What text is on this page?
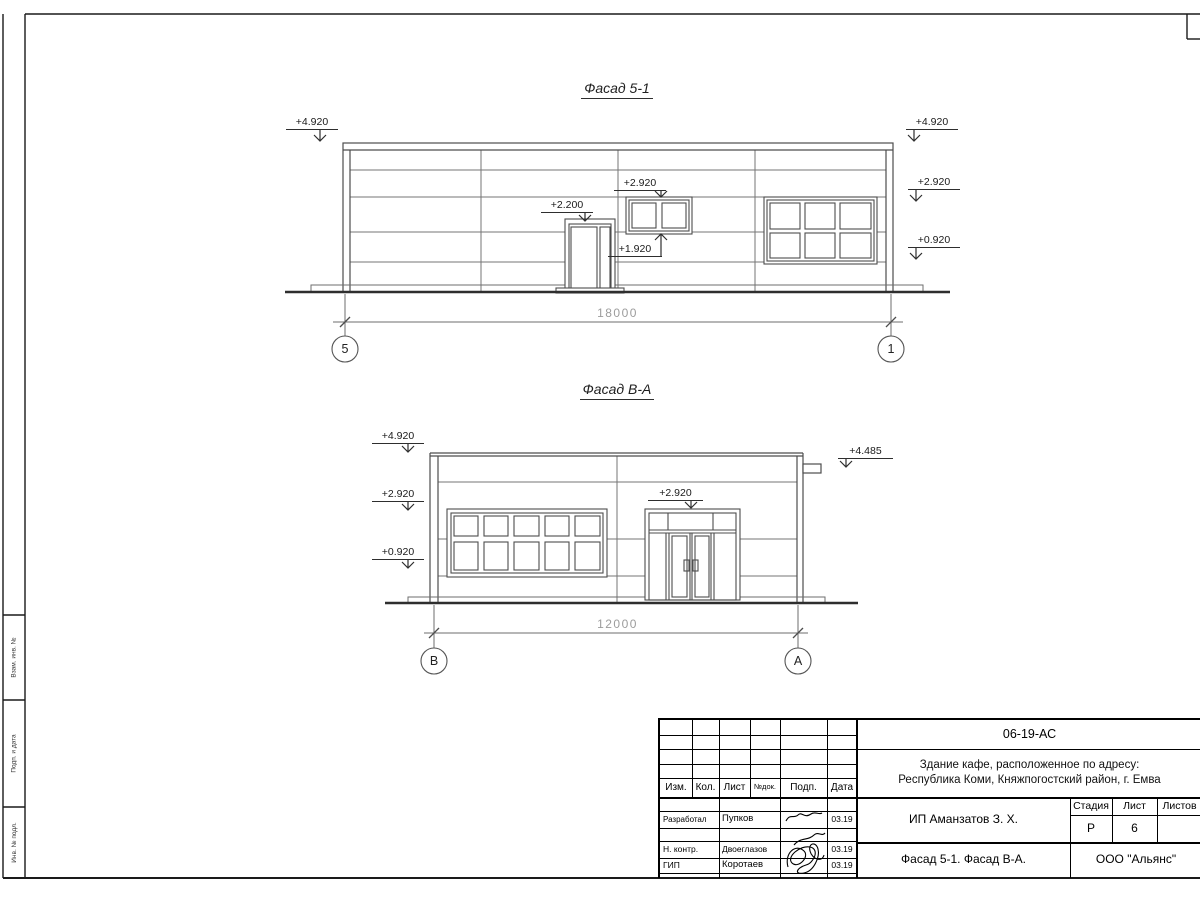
Фасад 5-1
+4.920	+4.920
+2.920
+0.920
+2.200
+2.920
+1.920
18000
5	1
Фасад В-А
+4.920
+2.920
+0.920
+4.485
+2.920
12000
В	А
Взам. инв. №
Подп. и дата
Инв. № подл.
Изм. Кол. Лист	№док.	Подп.	Дата
Разработал	Пупков	03.19
Н. контр.	Двоеглазов	03.19
ГИП	Коротаев	03.19
06-19-АС
Здание кафе, расположенное по адресу:
Республика Коми, Княжпогостский район, г. Емва
ИП Аманзатов З. Х.
Стадия	Лист	Листов
Р	6
Фасад 5-1. Фасад В-А.	ООО "Альянс"
